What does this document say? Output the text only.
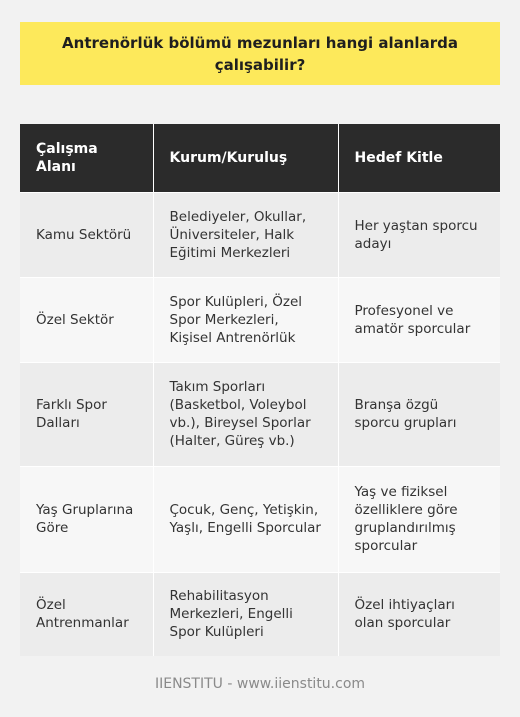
Antrenörlük bölümü mezunları hangi alanlarda çalışabilir?
Çalışma Alanı	Kurum/Kuruluş	Hedef Kitle
Kamu Sektörü	Belediyeler, Okullar, Üniversiteler, Halk Eğitimi Merkezleri	Her yaştan sporcu adayı
Özel Sektör	Spor Kulüpleri, Özel Spor Merkezleri, Kişisel Antrenörlük	Profesyonel ve amatör sporcular
Farklı Spor Dalları	Takım Sporları (Basketbol, Voleybol vb.), Bireysel Sporlar (Halter, Güreş vb.)	Branşa özgü sporcu grupları
Yaş Gruplarına Göre	Çocuk, Genç, Yetişkin, Yaşlı, Engelli Sporcular	Yaş ve fiziksel özelliklere göre gruplandırılmış sporcular
Özel Antrenmanlar	Rehabilitasyon Merkezleri, Engelli Spor Kulüpleri	Özel ihtiyaçları olan sporcular
IIENSTITU - www.iienstitu.com
